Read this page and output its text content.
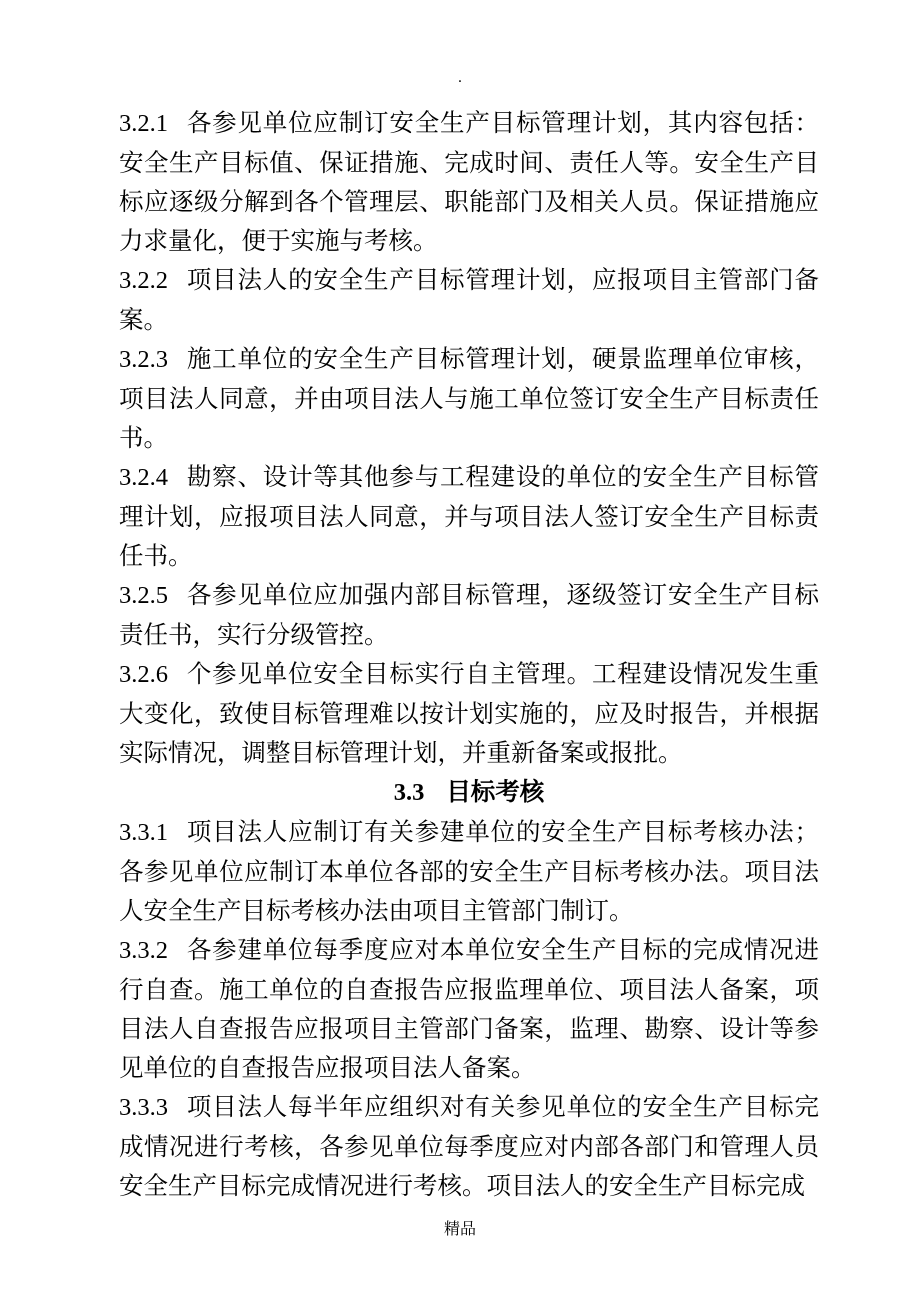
.

3.2.1 各参见单位应制订安全生产目标管理计划，其内容包括：安全生产目标值、保证措施、完成时间、责任人等。安全生产目标应逐级分解到各个管理层、职能部门及相关人员。保证措施应力求量化，便于实施与考核。

3.2.2 项目法人的安全生产目标管理计划，应报项目主管部门备案。

3.2.3 施工单位的安全生产目标管理计划，硬景监理单位审核，项目法人同意，并由项目法人与施工单位签订安全生产目标责任书。

3.2.4 勘察、设计等其他参与工程建设的单位的安全生产目标管理计划，应报项目法人同意，并与项目法人签订安全生产目标责任书。

3.2.5 各参见单位应加强内部目标管理，逐级签订安全生产目标责任书，实行分级管控。

3.2.6 个参见单位安全目标实行自主管理。工程建设情况发生重大变化，致使目标管理难以按计划实施的，应及时报告，并根据实际情况，调整目标管理计划，并重新备案或报批。

3.3 目标考核

3.3.1 项目法人应制订有关参建单位的安全生产目标考核办法；各参见单位应制订本单位各部的安全生产目标考核办法。项目法人安全生产目标考核办法由项目主管部门制订。

3.3.2 各参建单位每季度应对本单位安全生产目标的完成情况进行自查。施工单位的自查报告应报监理单位、项目法人备案，项目法人自查报告应报项目主管部门备案，监理、勘察、设计等参见单位的自查报告应报项目法人备案。

3.3.3 项目法人每半年应组织对有关参见单位的安全生产目标完成情况进行考核，各参见单位每季度应对内部各部门和管理人员安全生产目标完成情况进行考核。项目法人的安全生产目标完成

精品
